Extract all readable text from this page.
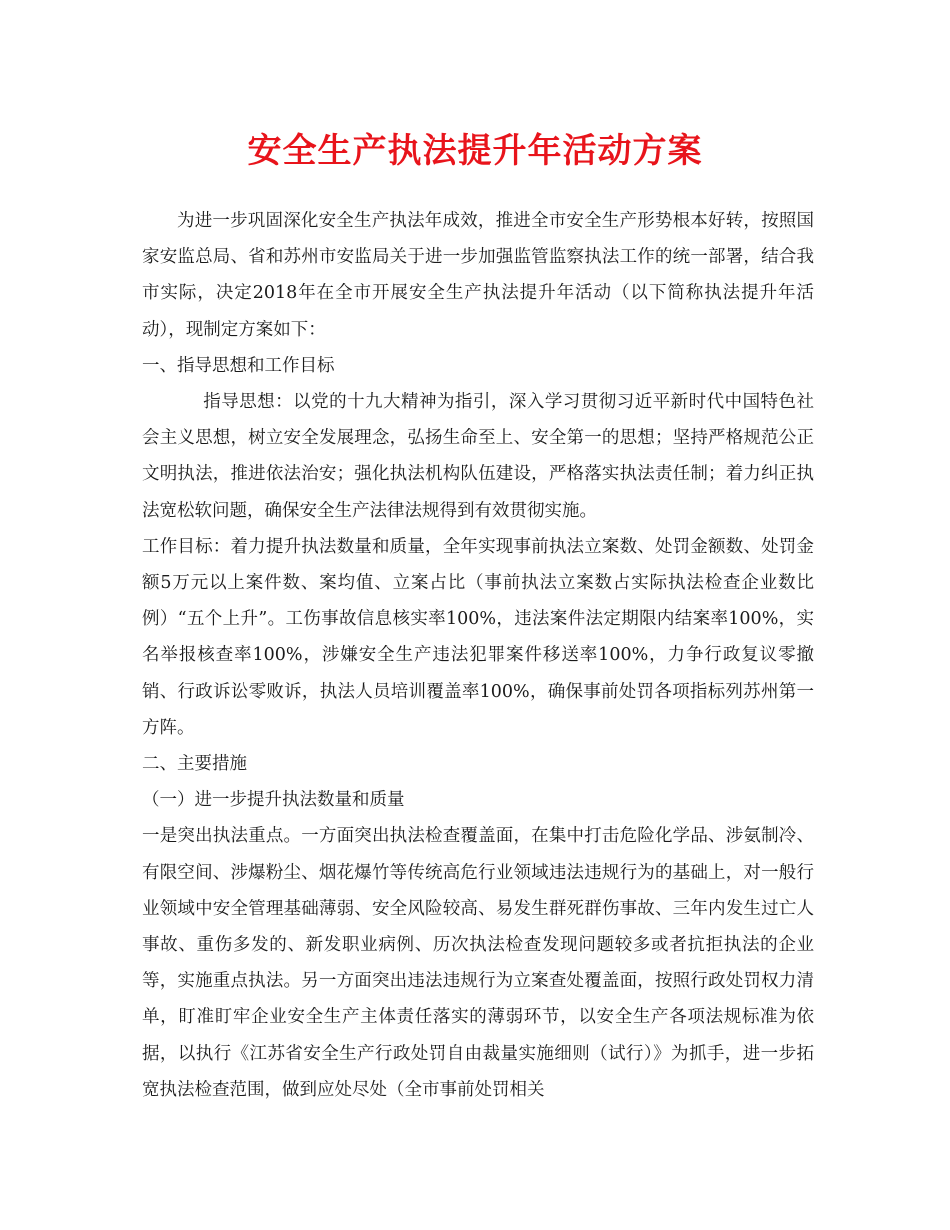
安全生产执法提升年活动方案

为进一步巩固深化安全生产执法年成效，推进全市安全生产形势根本好转，按照国家安监总局、省和苏州市安监局关于进一步加强监管监察执法工作的统一部署，结合我市实际，决定2018年在全市开展安全生产执法提升年活动（以下简称执法提升年活动），现制定方案如下：

一、指导思想和工作目标

指导思想：以党的十九大精神为指引，深入学习贯彻习近平新时代中国特色社会主义思想，树立安全发展理念，弘扬生命至上、安全第一的思想；坚持严格规范公正文明执法，推进依法治安；强化执法机构队伍建设，严格落实执法责任制；着力纠正执法宽松软问题，确保安全生产法律法规得到有效贯彻实施。

工作目标：着力提升执法数量和质量，全年实现事前执法立案数、处罚金额数、处罚金额5万元以上案件数、案均值、立案占比（事前执法立案数占实际执法检查企业数比例）“五个上升”。工伤事故信息核实率100%，违法案件法定期限内结案率100%，实名举报核查率100%，涉嫌安全生产违法犯罪案件移送率100%，力争行政复议零撤销、行政诉讼零败诉，执法人员培训覆盖率100%，确保事前处罚各项指标列苏州第一方阵。

二、主要措施

（一）进一步提升执法数量和质量

一是突出执法重点。一方面突出执法检查覆盖面，在集中打击危险化学品、涉氨制冷、有限空间、涉爆粉尘、烟花爆竹等传统高危行业领域违法违规行为的基础上，对一般行业领域中安全管理基础薄弱、安全风险较高、易发生群死群伤事故、三年内发生过亡人事故、重伤多发的、新发职业病例、历次执法检查发现问题较多或者抗拒执法的企业等，实施重点执法。另一方面突出违法违规行为立案查处覆盖面，按照行政处罚权力清单，盯准盯牢企业安全生产主体责任落实的薄弱环节，以安全生产各项法规标准为依据，以执行《江苏省安全生产行政处罚自由裁量实施细则（试行）》为抓手，进一步拓宽执法检查范围，做到应处尽处（全市事前处罚相关
